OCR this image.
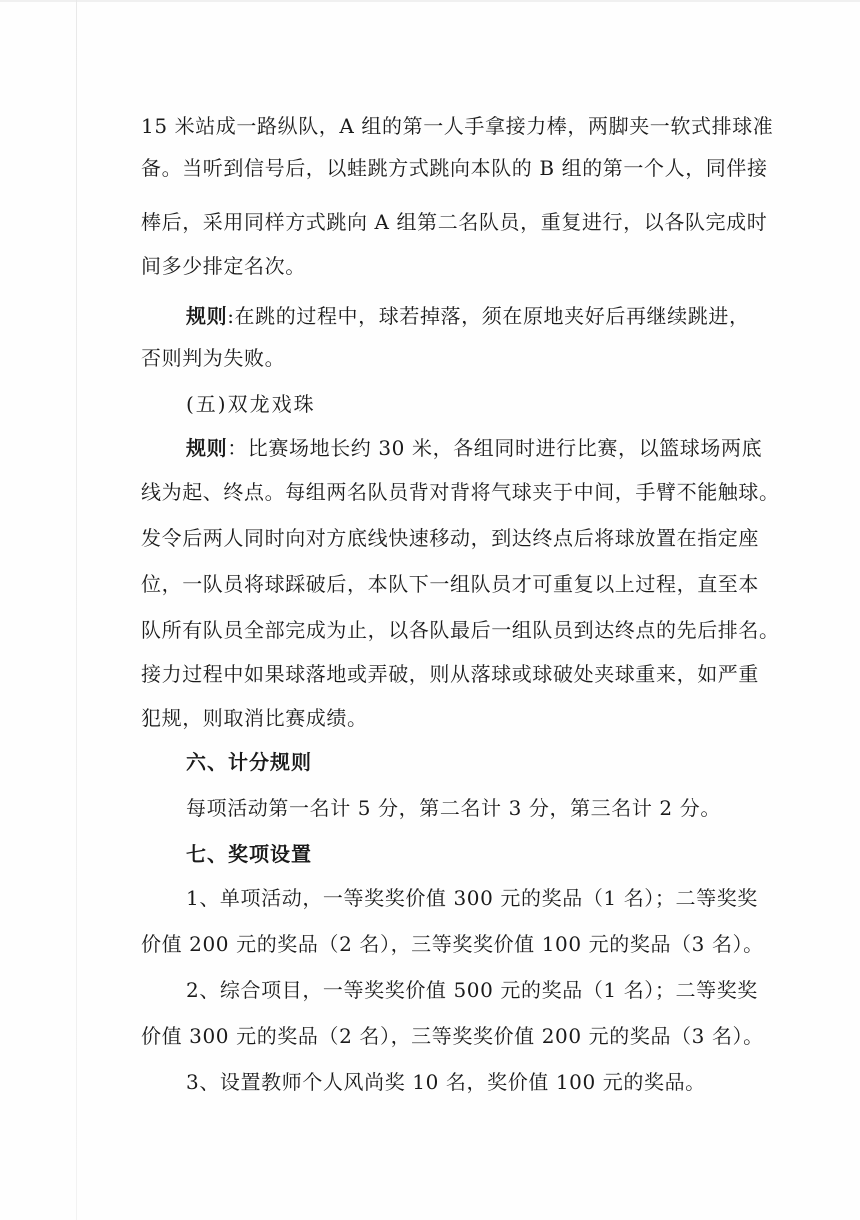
15 米站成一路纵队，A 组的第一人手拿接力棒，两脚夹一软式排球准
备。当听到信号后，以蛙跳方式跳向本队的 B 组的第一个人，同伴接
棒后，采用同样方式跳向 A 组第二名队员，重复进行，以各队完成时
间多少排定名次。
规则:在跳的过程中，球若掉落，须在原地夹好后再继续跳进，
否则判为失败。
(五)双龙戏珠
规则：比赛场地长约 30 米，各组同时进行比赛，以篮球场两底
线为起、终点。每组两名队员背对背将气球夹于中间，手臂不能触球。
发令后两人同时向对方底线快速移动，到达终点后将球放置在指定座
位，一队员将球踩破后，本队下一组队员才可重复以上过程，直至本
队所有队员全部完成为止，以各队最后一组队员到达终点的先后排名。
接力过程中如果球落地或弄破，则从落球或球破处夹球重来，如严重
犯规，则取消比赛成绩。
六、计分规则
每项活动第一名计 5 分，第二名计 3 分，第三名计 2 分。
七、奖项设置
1、单项活动，一等奖奖价值 300 元的奖品（1 名）；二等奖奖
价值 200 元的奖品（2 名），三等奖奖价值 100 元的奖品（3 名）。
2、综合项目，一等奖奖价值 500 元的奖品（1 名）；二等奖奖
价值 300 元的奖品（2 名），三等奖奖价值 200 元的奖品（3 名）。
3、设置教师个人风尚奖 10 名，奖价值 100 元的奖品。
